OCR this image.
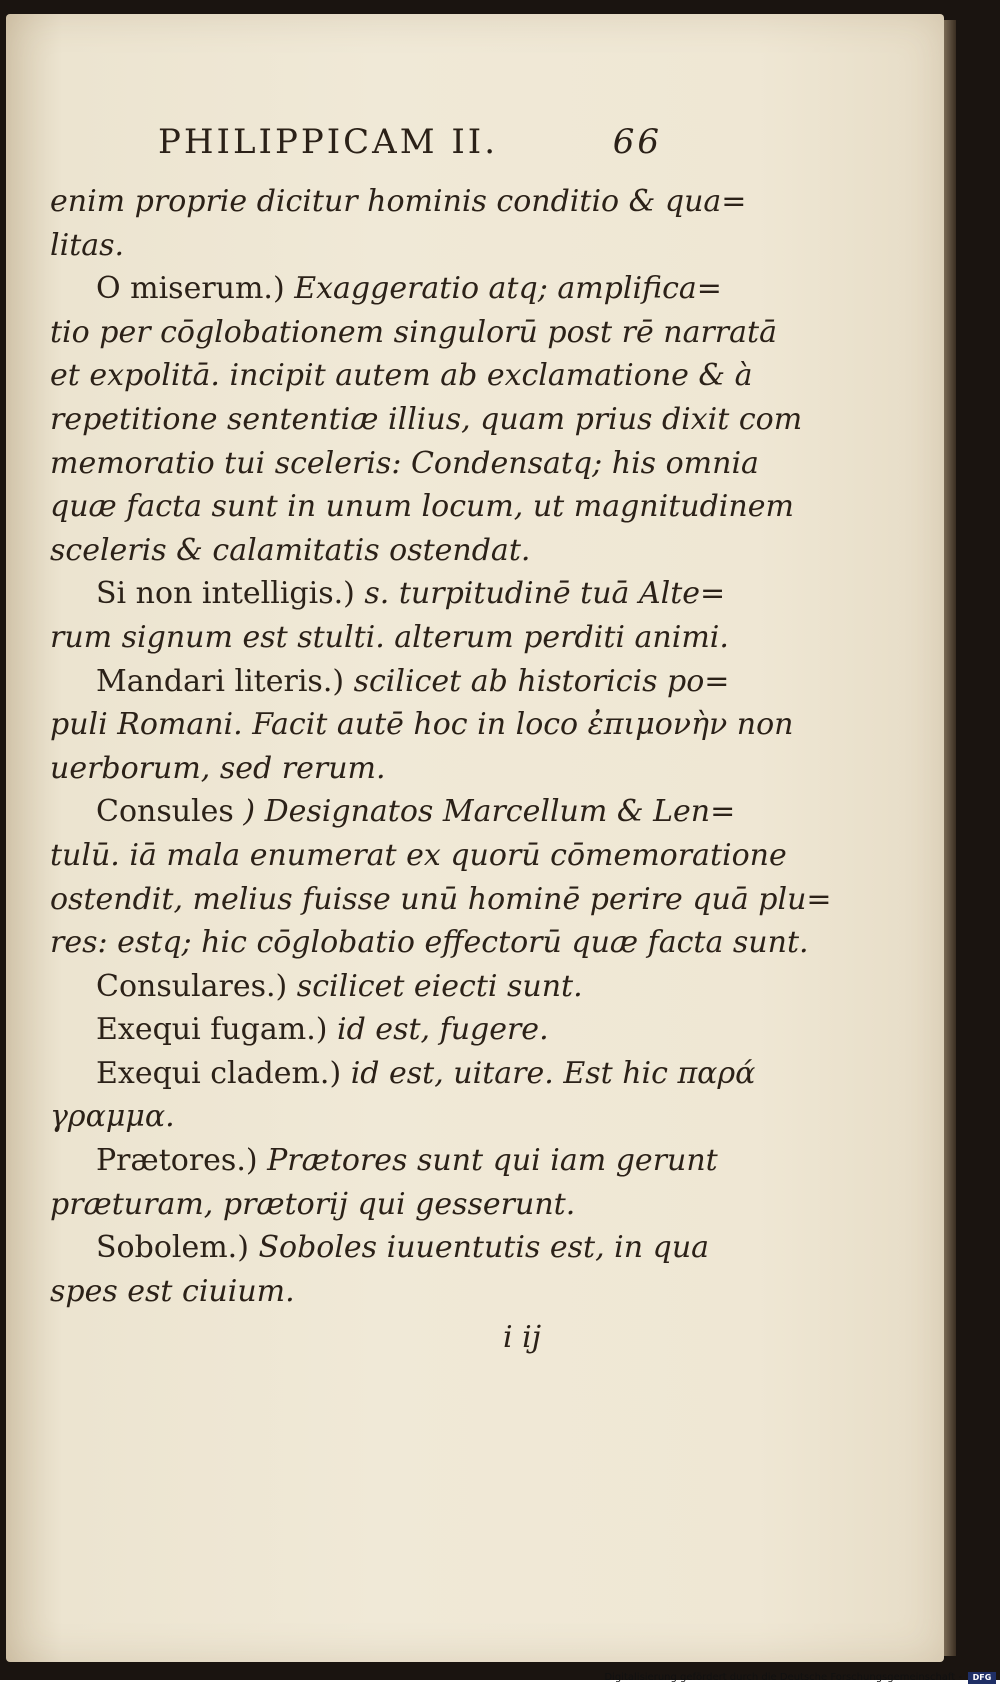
PHILIPPICAM II.	66
enim proprie dicitur hominis conditio & qua=
litas.
O miserum.) Exaggeratio atq; amplifica=
tio per cōglobationem singulorū post rē narratā
et expolitā. incipit autem ab exclamatione & à
repetitione sententiæ illius, quam prius dixit com
memoratio tui sceleris: Condensatq; his omnia
quæ facta sunt in unum locum, ut magnitudinem
sceleris & calamitatis ostendat.
Si non intelligis.) s. turpitudinē tuā Alte=
rum signum est stulti. alterum perditi animi.
Mandari literis.) scilicet ab historicis po=
puli Romani. Facit autē hoc in loco ἐπιμονὴν non
uerborum, sed rerum.
Consules ) Designatos Marcellum & Len=
tulū. iā mala enumerat ex quorū cōmemoratione
ostendit, melius fuisse unū hominē perire quā plu=
res: estq; hic cōglobatio effectorū quæ facta sunt.
Consulares.) scilicet eiecti sunt.
Exequi fugam.) id est, fugere.
Exequi cladem.) id est, uitare. Est hic παρά
γραμμα.
Prætores.) Prætores sunt qui iam gerunt
præturam, prætorij qui gesserunt.
Sobolem.) Soboles iuuentutis est, in qua
spes est ciuium.
i ij
Digitalisierung gefördert durch die Deutsche Forschungsgemeinschaft -	DFG
